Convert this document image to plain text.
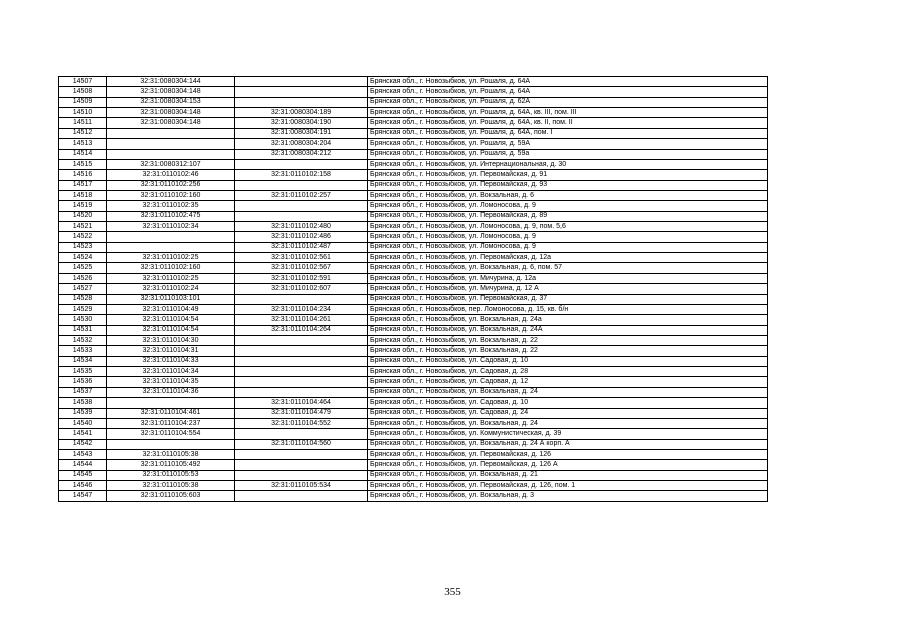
14507	32:31:0080304:144		Брянская обл., г. Новозыбков, ул. Рошаля, д. 64А
14508	32:31:0080304:148		Брянская обл., г. Новозыбков, ул. Рошаля, д. 64А
14509	32:31:0080304:153		Брянская обл., г. Новозыбков, ул. Рошаля, д. 62А
14510	32:31:0080304:148	32:31:0080304:189	Брянская обл., г. Новозыбков, ул. Рошаля, д. 64А, кв. III, пом. III
14511	32:31:0080304:148	32:31:0080304:190	Брянская обл., г. Новозыбков, ул. Рошаля, д. 64А, кв. II, пом. II
14512		32:31:0080304:191	Брянская обл., г. Новозыбков, ул. Рошаля, д. 64А, пом. I
14513		32:31:0080304:204	Брянская обл., г. Новозыбков, ул. Рошаля, д. 59А
14514		32:31:0080304:212	Брянская обл., г. Новозыбков, ул. Рошаля, д. 59а
14515	32:31:0080312:107		Брянская обл., г. Новозыбков, ул. Интернациональная, д. 30
14516	32:31:0110102:46	32:31:0110102:158	Брянская обл., г. Новозыбков, ул. Первомайская, д. 91
14517	32:31:0110102:256		Брянская обл., г. Новозыбков, ул. Первомайская, д. 93
14518	32:31:0110102:160	32:31:0110102:257	Брянская обл., г. Новозыбков, ул. Вокзальная, д. 6
14519	32:31:0110102:35		Брянская обл., г. Новозыбков, ул. Ломоносова, д. 9
14520	32:31:0110102:475		Брянская обл., г. Новозыбков, ул. Первомайская, д. 89
14521	32:31:0110102:34	32:31:0110102:480	Брянская обл., г. Новозыбков, ул. Ломоносова, д. 9, пом. 5,6
14522		32:31:0110102:486	Брянская обл., г. Новозыбков, ул. Ломоносова, д. 9
14523		32:31:0110102:487	Брянская обл., г. Новозыбков, ул. Ломоносова, д. 9
14524	32:31:0110102:25	32:31:0110102:561	Брянская обл., г. Новозыбков, ул. Первомайская, д. 12а
14525	32:31:0110102:160	32:31:0110102:567	Брянская обл., г. Новозыбков, ул. Вокзальная, д. 6, пом. 57
14526	32:31:0110102:25	32:31:0110102:591	Брянская обл., г. Новозыбков, ул. Мичурина, д. 12а
14527	32:31:0110102:24	32:31:0110102:607	Брянская обл., г. Новозыбков, ул. Мичурина, д. 12 А
14528	32:31:0110103:101		Брянская обл., г. Новозыбков, ул. Первомайская, д. 37
14529	32:31:0110104:49	32:31:0110104:234	Брянская обл., г. Новозыбков, пер. Ломоносова, д. 15, кв. б/н
14530	32:31:0110104:54	32:31:0110104:261	Брянская обл., г. Новозыбков, ул. Вокзальная, д. 24а
14531	32:31:0110104:54	32:31:0110104:264	Брянская обл., г. Новозыбков, ул. Вокзальная, д. 24А
14532	32:31:0110104:30		Брянская обл., г. Новозыбков, ул. Вокзальная, д. 22
14533	32:31:0110104:31		Брянская обл., г. Новозыбков, ул. Вокзальная, д. 22
14534	32:31:0110104:33		Брянская обл., г. Новозыбков, ул. Садовая, д. 10
14535	32:31:0110104:34		Брянская обл., г. Новозыбков, ул. Садовая, д. 28
14536	32:31:0110104:35		Брянская обл., г. Новозыбков, ул. Садовая, д. 12
14537	32:31:0110104:36		Брянская обл., г. Новозыбков, ул. Вокзальная, д. 24
14538		32:31:0110104:464	Брянская обл., г. Новозыбков, ул. Садовая, д. 10
14539	32:31:0110104:461	32:31:0110104:479	Брянская обл., г. Новозыбков, ул. Садовая, д. 24
14540	32:31:0110104:237	32:31:0110104:552	Брянская обл., г. Новозыбков, ул. Вокзальная, д. 24
14541	32:31:0110104:554		Брянская обл., г. Новозыбков, ул. Коммунистическая, д. 39
14542		32:31:0110104:560	Брянская обл., г. Новозыбков, ул. Вокзальная, д. 24 А корп. А
14543	32:31:0110105:38		Брянская обл., г. Новозыбков, ул. Первомайская, д. 126
14544	32:31:0110105:492		Брянская обл., г. Новозыбков, ул. Первомайская, д. 126 А
14545	32:31:0110105:53		Брянская обл., г. Новозыбков, ул. Вокзальная, д. 21
14546	32:31:0110105:38	32:31:0110105:534	Брянская обл., г. Новозыбков, ул. Первомайская, д. 126, пом. 1
14547	32:31:0110105:603		Брянская обл., г. Новозыбков, ул. Вокзальная, д. 3
355
